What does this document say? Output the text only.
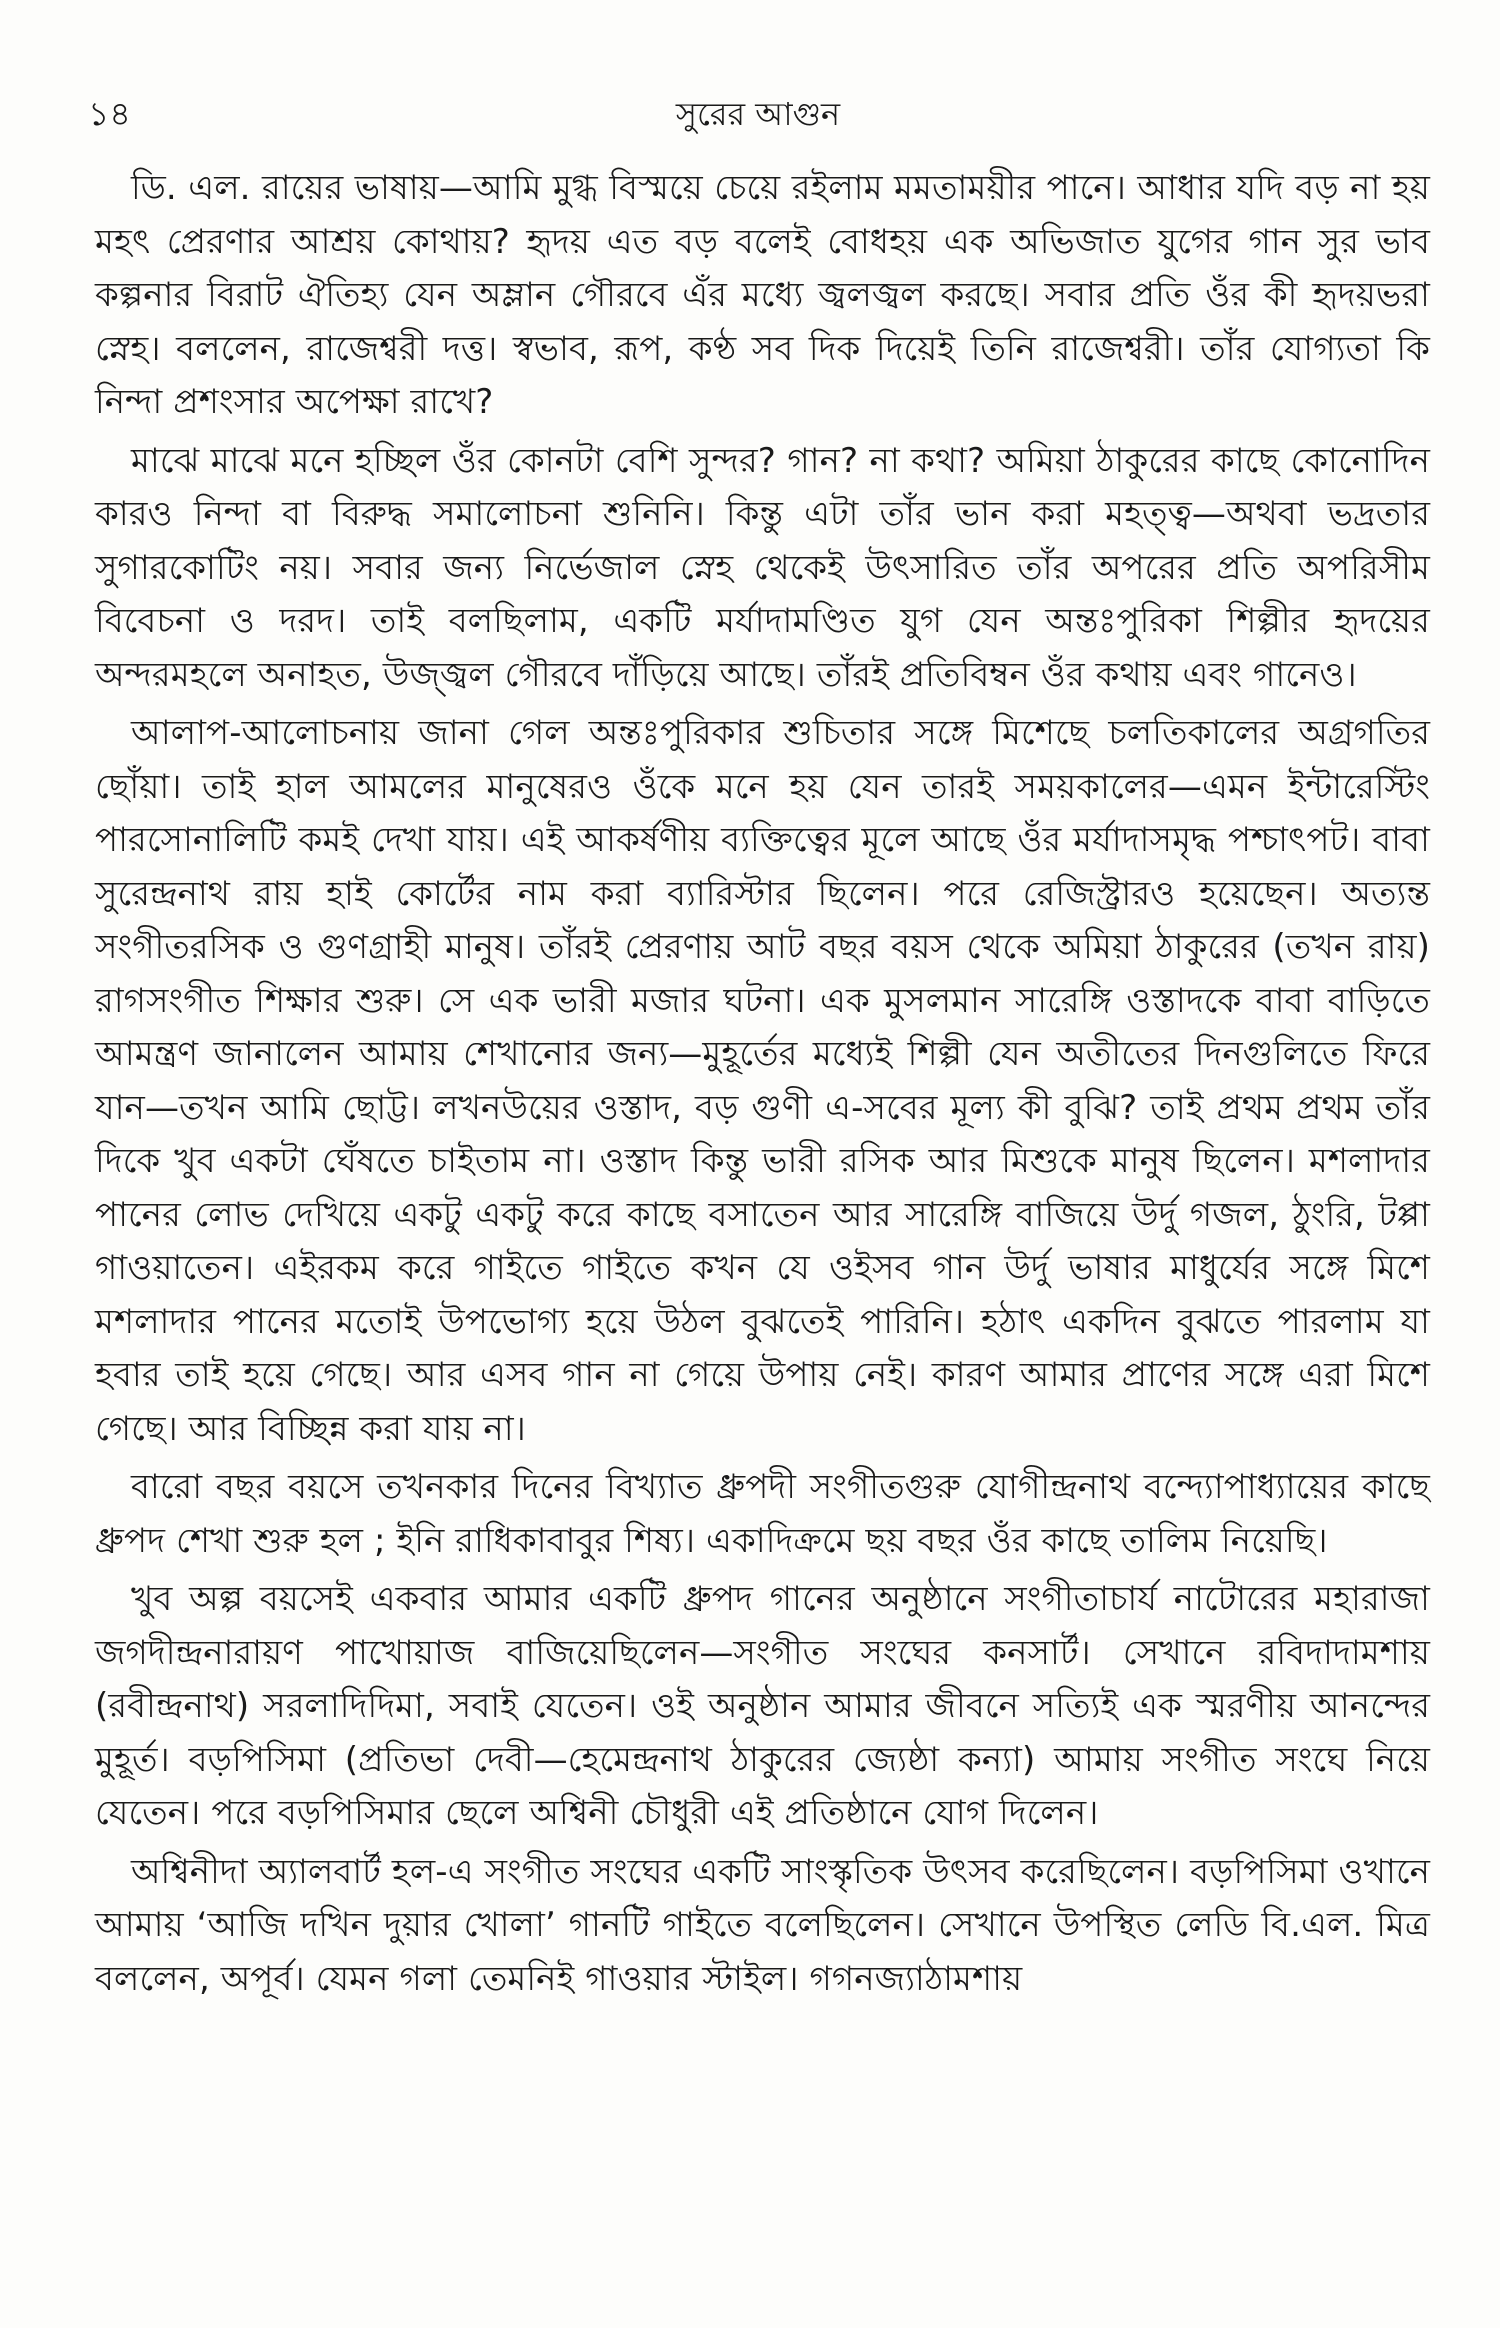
১৪	সুরের আগুন

ডি. এল. রায়ের ভাষায়—আমি মুগ্ধ বিস্ময়ে চেয়ে রইলাম মমতাময়ীর পানে। আধার যদি বড় না হয় মহৎ প্রেরণার আশ্রয় কোথায়? হৃদয় এত বড় বলেই বোধহয় এক অভিজাত যুগের গান সুর ভাব কল্পনার বিরাট ঐতিহ্য যেন অম্লান গৌরবে এঁর মধ্যে জ্বলজ্বল করছে। সবার প্রতি ওঁর কী হৃদয়ভরা স্নেহ। বললেন, রাজেশ্বরী দত্ত। স্বভাব, রূপ, কণ্ঠ সব দিক দিয়েই তিনি রাজেশ্বরী। তাঁর যোগ্যতা কি নিন্দা প্রশংসার অপেক্ষা রাখে?

মাঝে মাঝে মনে হচ্ছিল ওঁর কোনটা বেশি সুন্দর? গান? না কথা? অমিয়া ঠাকুরের কাছে কোনোদিন কারও নিন্দা বা বিরুদ্ধ সমালোচনা শুনিনি। কিন্তু এটা তাঁর ভান করা মহত্ত্ব—অথবা ভদ্রতার সুগারকোটিং নয়। সবার জন্য নির্ভেজাল স্নেহ থেকেই উৎসারিত তাঁর অপরের প্রতি অপরিসীম বিবেচনা ও দরদ। তাই বলছিলাম, একটি মর্যাদামণ্ডিত যুগ যেন অন্তঃপুরিকা শিল্পীর হৃদয়ের অন্দরমহলে অনাহত, উজ্জ্বল গৌরবে দাঁড়িয়ে আছে। তাঁরই প্রতিবিম্বন ওঁর কথায় এবং গানেও।

আলাপ-আলোচনায় জানা গেল অন্তঃপুরিকার শুচিতার সঙ্গে মিশেছে চলতিকালের অগ্রগতির ছোঁয়া। তাই হাল আমলের মানুষেরও ওঁকে মনে হয় যেন তারই সময়কালের—এমন ইন্টারেস্টিং পারসোনালিটি কমই দেখা যায়। এই আকর্ষণীয় ব্যক্তিত্বের মূলে আছে ওঁর মর্যাদাসমৃদ্ধ পশ্চাৎপট। বাবা সুরেন্দ্রনাথ রায় হাই কোর্টের নাম করা ব্যারিস্টার ছিলেন। পরে রেজিস্ট্রারও হয়েছেন। অত্যন্ত সংগীতরসিক ও গুণগ্রাহী মানুষ। তাঁরই প্রেরণায় আট বছর বয়স থেকে অমিয়া ঠাকুরের (তখন রায়) রাগসংগীত শিক্ষার শুরু। সে এক ভারী মজার ঘটনা। এক মুসলমান সারেঙ্গি ওস্তাদকে বাবা বাড়িতে আমন্ত্রণ জানালেন আমায় শেখানোর জন্য—মুহূর্তের মধ্যেই শিল্পী যেন অতীতের দিনগুলিতে ফিরে যান—তখন আমি ছোট্ট। লখনউয়ের ওস্তাদ, বড় গুণী এ-সবের মূল্য কী বুঝি? তাই প্রথম প্রথম তাঁর দিকে খুব একটা ঘেঁষতে চাইতাম না। ওস্তাদ কিন্তু ভারী রসিক আর মিশুকে মানুষ ছিলেন। মশলাদার পানের লোভ দেখিয়ে একটু একটু করে কাছে বসাতেন আর সারেঙ্গি বাজিয়ে উর্দু গজল, ঠুংরি, টপ্পা গাওয়াতেন। এইরকম করে গাইতে গাইতে কখন যে ওইসব গান উর্দু ভাষার মাধুর্যের সঙ্গে মিশে মশলাদার পানের মতোই উপভোগ্য হয়ে উঠল বুঝতেই পারিনি। হঠাৎ একদিন বুঝতে পারলাম যা হবার তাই হয়ে গেছে। আর এসব গান না গেয়ে উপায় নেই। কারণ আমার প্রাণের সঙ্গে এরা মিশে গেছে। আর বিচ্ছিন্ন করা যায় না।

বারো বছর বয়সে তখনকার দিনের বিখ্যাত ধ্রুপদী সংগীতগুরু যোগীন্দ্রনাথ বন্দ্যোপাধ্যায়ের কাছে ধ্রুপদ শেখা শুরু হল ; ইনি রাধিকাবাবুর শিষ্য। একাদিক্রমে ছয় বছর ওঁর কাছে তালিম নিয়েছি।

খুব অল্প বয়সেই একবার আমার একটি ধ্রুপদ গানের অনুষ্ঠানে সংগীতাচার্য নাটোরের মহারাজা জগদীন্দ্রনারায়ণ পাখোয়াজ বাজিয়েছিলেন—সংগীত সংঘের কনসার্ট। সেখানে রবিদাদামশায় (রবীন্দ্রনাথ) সরলাদিদিমা, সবাই যেতেন। ওই অনুষ্ঠান আমার জীবনে সত্যিই এক স্মরণীয় আনন্দের মুহূর্ত। বড়পিসিমা (প্রতিভা দেবী—হেমেন্দ্রনাথ ঠাকুরের জ্যেষ্ঠা কন্যা) আমায় সংগীত সংঘে নিয়ে যেতেন। পরে বড়পিসিমার ছেলে অশ্বিনী চৌধুরী এই প্রতিষ্ঠানে যোগ দিলেন।

অশ্বিনীদা অ্যালবার্ট হল-এ সংগীত সংঘের একটি সাংস্কৃতিক উৎসব করেছিলেন। বড়পিসিমা ওখানে আমায় ‘আজি দখিন দুয়ার খোলা’ গানটি গাইতে বলেছিলেন। সেখানে উপস্থিত লেডি বি.এল. মিত্র বললেন, অপূর্ব। যেমন গলা তেমনিই গাওয়ার স্টাইল। গগনজ্যাঠামশায়
